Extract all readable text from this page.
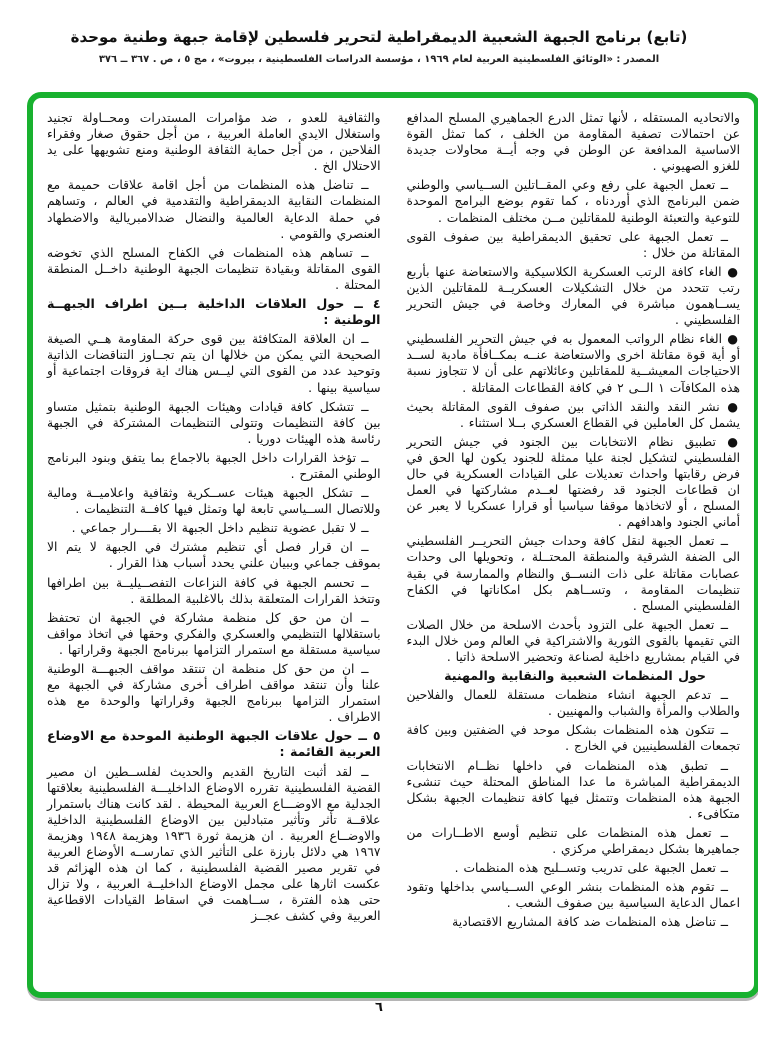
(تابع) برنامج الجبهة الشعبية الديمقراطية لتحرير فلسطين لإقامة جبهة وطنية موحدة
المصدر : «الوثائق الفلسطينية العربية لعام ١٩٦٩ ، مؤسسة الدراسات الفلسطينية ، بيروت» ، مج ٥ ، ص . ٣٦٧ ــ ٣٧٦

والاتحاديه المستقله ، لأنها تمثل الدرع الجماهيري المسلح المدافع عن احتمالات تصفية المقاومة من الخلف ، كما تمثل القوة الاساسية المدافعة عن الوطن في وجه أيــة محاولات جديدة للغزو الصهيوني .

ــ تعمل الجبهة على رفع وعي المقــاتلين الســياسي والوطني ضمن البرنامج الذي أوردناه ، كما تقوم بوضع البرامج الموحدة للتوعية والتعبئة الوطنية للمقاتلين مــن مختلف المنظمات .

ــ تعمل الجبهة على تحقيق الديمقراطية بين صفوف القوى المقاتلة من خلال :

● الغاء كافة الرتب العسكرية الكلاسيكية والاستعاضة عنها بأربع رتب تتحدد من خلال التشكيلات العسكريــة للمقاتلين الذين يســاهمون مباشرة في المعارك وخاصة في جيش التحرير الفلسطيني .

● الغاء نظام الرواتب المعمول به في جيش التحرير الفلسطيني أو أية قوة مقاتلة اخرى والاستعاضة عنــه بمكــافأة مادية لســد الاحتياجات المعيشــية للمقاتلين وعائلاتهم على أن لا تتجاوز نسبة هذه المكافآت ١ الــى ٢ في كافة القطاعات المقاتلة .

● نشر النقد والنقد الذاتي بين صفوف القوى المقاتلة بحيث يشمل كل العاملين في القطاع العسكري بــلا استثناء .

● تطبيق نظام الانتخابات بين الجنود في جيش التحرير الفلسطيني لتشكيل لجنة عليا ممثلة للجنود يكون لها الحق في فرض رقابتها واحداث تعديلات على القيادات العسكرية في حال ان قطاعات الجنود قد رفضتها لعــدم مشاركتها في العمل المسلح ، أو لاتخاذها موقفا سياسيا أو قرارا عسكريا لا يعبر عن أماني الجنود واهدافهم .

ــ تعمل الجبهة لنقل كافة وحدات جيش التحريــر الفلسطيني الى الضفة الشرقية والمنطقة المحتــلة ، وتحويلها الى وحدات عصابات مقاتلة على ذات النســق والنظام والممارسة في بقية تنظيمات المقاومة ، وتســاهم بكل امكاناتها في الكفاح الفلسطيني المسلح .

ــ تعمل الجبهة على التزود بأحدث الاسلحة من خلال الصلات التي تقيمها بالقوى الثورية والاشتراكية في العالم ومن خلال البدء في القيام بمشاريع داخلية لصناعة وتحضير الاسلحة ذاتيا .

حول المنظمات الشعبية والنقابية والمهنية

ــ تدعم الجبهة انشاء منظمات مستقلة للعمال والفلاحين والطلاب والمرأة والشباب والمهنيين .

ــ تتكون هذه المنظمات بشكل موحد في الضفتين وبين كافة تجمعات الفلسطينيين في الخارج .

ــ تطبق هذه المنظمات في داخلها نظــام الانتخابات الديمقراطية المباشرة ما عدا المناطق المحتلة حيث تنشىء الجبهة هذه المنظمات وتتمثل فيها كافة تنظيمات الجبهة بشكل متكافىء .

ــ تعمل هذه المنظمات على تنظيم أوسع الاطــارات من جماهيرها بشكل ديمقراطي مركزي .

ــ تعمل الجبهة على تدريب وتســليح هذه المنظمات .

ــ تقوم هذه المنظمات بنشر الوعي الســياسي بداخلها وتقود اعمال الدعاية السياسية بين صفوف الشعب .

ــ تناضل هذه المنظمات ضد كافة المشاريع الاقتصادية

والثقافية للعدو ، ضد مؤامرات المستدرات ومحــاولة تجنيد واستغلال الايدي العاملة العربية ، من أجل حقوق صغار وفقراء الفلاحين ، من أجل حماية الثقافة الوطنية ومنع تشويهها على يد الاحتلال الخ .

ــ تناضل هذه المنظمات من أجل اقامة علاقات حميمة مع المنظمات النقابية الديمقراطية والتقدمية في العالم ، وتساهم في حملة الدعاية العالمية والنضال ضدالامبريالية والاضطهاد العنصري والقومي .

ــ تساهم هذه المنظمات في الكفاح المسلح الذي تخوضه القوى المقاتلة وبقيادة تنظيمات الجبهة الوطنية داخــل المنطقة المحتلة .

٤ ــ حول العلاقات الداخلية بــين اطراف الجبهــة الوطنية :

ــ ان العلاقة المتكافئة بين قوى حركة المقاومة هــي الصيغة الصحيحة التي يمكن من خلالها ان يتم تجــاوز التناقضات الذاتية وتوحيد عدد من القوى التي ليــس هناك اية فروقات اجتماعية أو سياسية بينها .

ــ تتشكل كافة قيادات وهيئات الجبهة الوطنية بتمثيل متساو بين كافة التنظيمات وتتولى التنظيمات المشتركة في الجبهة رئاسة هذه الهيئات دوريا .

ــ تؤخذ القرارات داخل الجبهة بالاجماع بما يتفق وبنود البرنامج الوطني المقترح .

ــ تشكل الجبهة هيئات عســكرية وثقافية واعلاميــة ومالية وللاتصال الســياسي تابعة لها وتمثل فيها كافــة التنظيمات .

ــ لا تقبل عضوية تنظيم داخل الجبهة الا بقــــرار جماعي .

ــ ان قرار فصل أي تنظيم مشترك في الجبهة لا يتم الا بموقف جماعي وببيان علني يحدد أسباب هذا القرار .

ــ تحسم الجبهة في كافة النزاعات التفصــيليــة بين اطرافها وتتخذ القرارات المتعلقة بذلك بالاغلبية المطلقة .

ــ ان من حق كل منظمة مشاركة في الجبهة ان تحتفظ باستقلالها التنظيمي والعسكري والفكري وحقها في اتخاذ مواقف سياسية مستقلة مع استمرار التزامها ببرنامج الجبهة وقراراتها .

ــ ان من حق كل منظمة ان تنتقد مواقف الجبهـــة الوطنية علنا وأن تنتقد مواقف اطراف أخرى مشاركة في الجبهة مع استمرار التزامها ببرنامج الجبهة وقراراتها والوحدة مع هذه الاطراف .

٥ ــ حول علاقات الجبهة الوطنية الموحدة مع الاوضاع العربية القائمة :

ــ لقد أثبت التاريخ القديم والحديث لفلســطين ان مصير القضية الفلسطينية تقرره الاوضاع الداخليـــة الفلسطينية بعلاقتها الجدلية مع الاوضـــاع العربية المحيطة . لقد كانت هناك باستمرار علاقــة تأثر وتأثير متبادلين بين الاوضاع الفلسطينية الداخلية والاوضــاع العربية . ان هزيمة ثورة ١٩٣٦ وهزيمة ١٩٤٨ وهزيمة ١٩٦٧ هي دلائل بارزة على التأثير الذي تمارســه الأوضاع العربية في تقرير مصير القضية الفلسطينية ، كما ان هذه الهزائم قد عكست اثارها على مجمل الاوضاع الداخليــة العربية ، ولا تزال حتى هذه الفترة ، ســاهمت في اسقاط القيادات الاقطاعية العربية وفي كشف عجــز

٦
